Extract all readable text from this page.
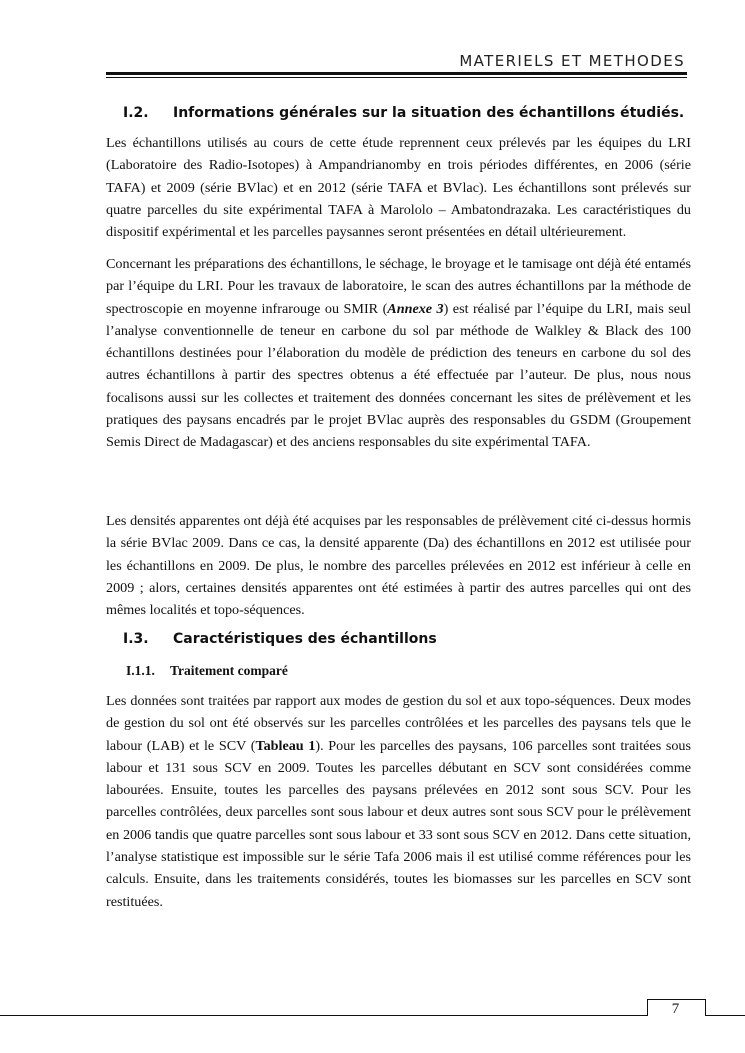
MATERIELS ET METHODES
I.2. Informations générales sur la situation des échantillons étudiés.
Les échantillons utilisés au cours de cette étude reprennent ceux prélevés par les équipes du LRI (Laboratoire des Radio-Isotopes) à Ampandrianomby en trois périodes différentes, en 2006 (série TAFA) et 2009 (série BVlac) et en 2012 (série TAFA et BVlac). Les échantillons sont prélevés sur quatre parcelles du site expérimental TAFA à Marololo – Ambatondrazaka. Les caractéristiques du dispositif expérimental et les parcelles paysannes seront présentées en détail ultérieurement.
Concernant les préparations des échantillons, le séchage, le broyage et le tamisage ont déjà été entamés par l’équipe du LRI. Pour les travaux de laboratoire, le scan des autres échantillons par la méthode de spectroscopie en moyenne infrarouge ou SMIR (Annexe 3) est réalisé par l’équipe du LRI, mais seul l’analyse conventionnelle de teneur en carbone du sol par méthode de Walkley & Black des 100 échantillons destinées pour l’élaboration du modèle de prédiction des teneurs en carbone du sol des autres échantillons à partir des spectres obtenus a été effectuée par l’auteur. De plus, nous nous focalisons aussi sur les collectes et traitement des données concernant les sites de prélèvement et les pratiques des paysans encadrés par le projet BVlac auprès des responsables du GSDM (Groupement Semis Direct de Madagascar) et des anciens responsables du site expérimental TAFA.
Les densités apparentes ont déjà été acquises par les responsables de prélèvement cité ci-dessus hormis la série BVlac 2009. Dans ce cas, la densité apparente (Da) des échantillons en 2012 est utilisée pour les échantillons en 2009. De plus, le nombre des parcelles prélevées en 2012 est inférieur à celle en 2009 ; alors, certaines densités apparentes ont été estimées à partir des autres parcelles qui ont des mêmes localités et topo-séquences.
I.3. Caractéristiques des échantillons
I.1.1. Traitement comparé
Les données sont traitées par rapport aux modes de gestion du sol et aux topo-séquences. Deux modes de gestion du sol ont été observés sur les parcelles contrôlées et les parcelles des paysans tels que le labour (LAB) et le SCV (Tableau 1). Pour les parcelles des paysans, 106 parcelles sont traitées sous labour et 131 sous SCV en 2009. Toutes les parcelles débutant en SCV sont considérées comme labourées. Ensuite, toutes les parcelles des paysans prélevées en 2012 sont sous SCV. Pour les parcelles contrôlées, deux parcelles sont sous labour et deux autres sont sous SCV pour le prélèvement en 2006 tandis que quatre parcelles sont sous labour et 33 sont sous SCV en 2012. Dans cette situation, l’analyse statistique est impossible sur le série Tafa 2006 mais il est utilisé comme références pour les calculs. Ensuite, dans les traitements considérés, toutes les biomasses sur les parcelles en SCV sont restituées.
7
